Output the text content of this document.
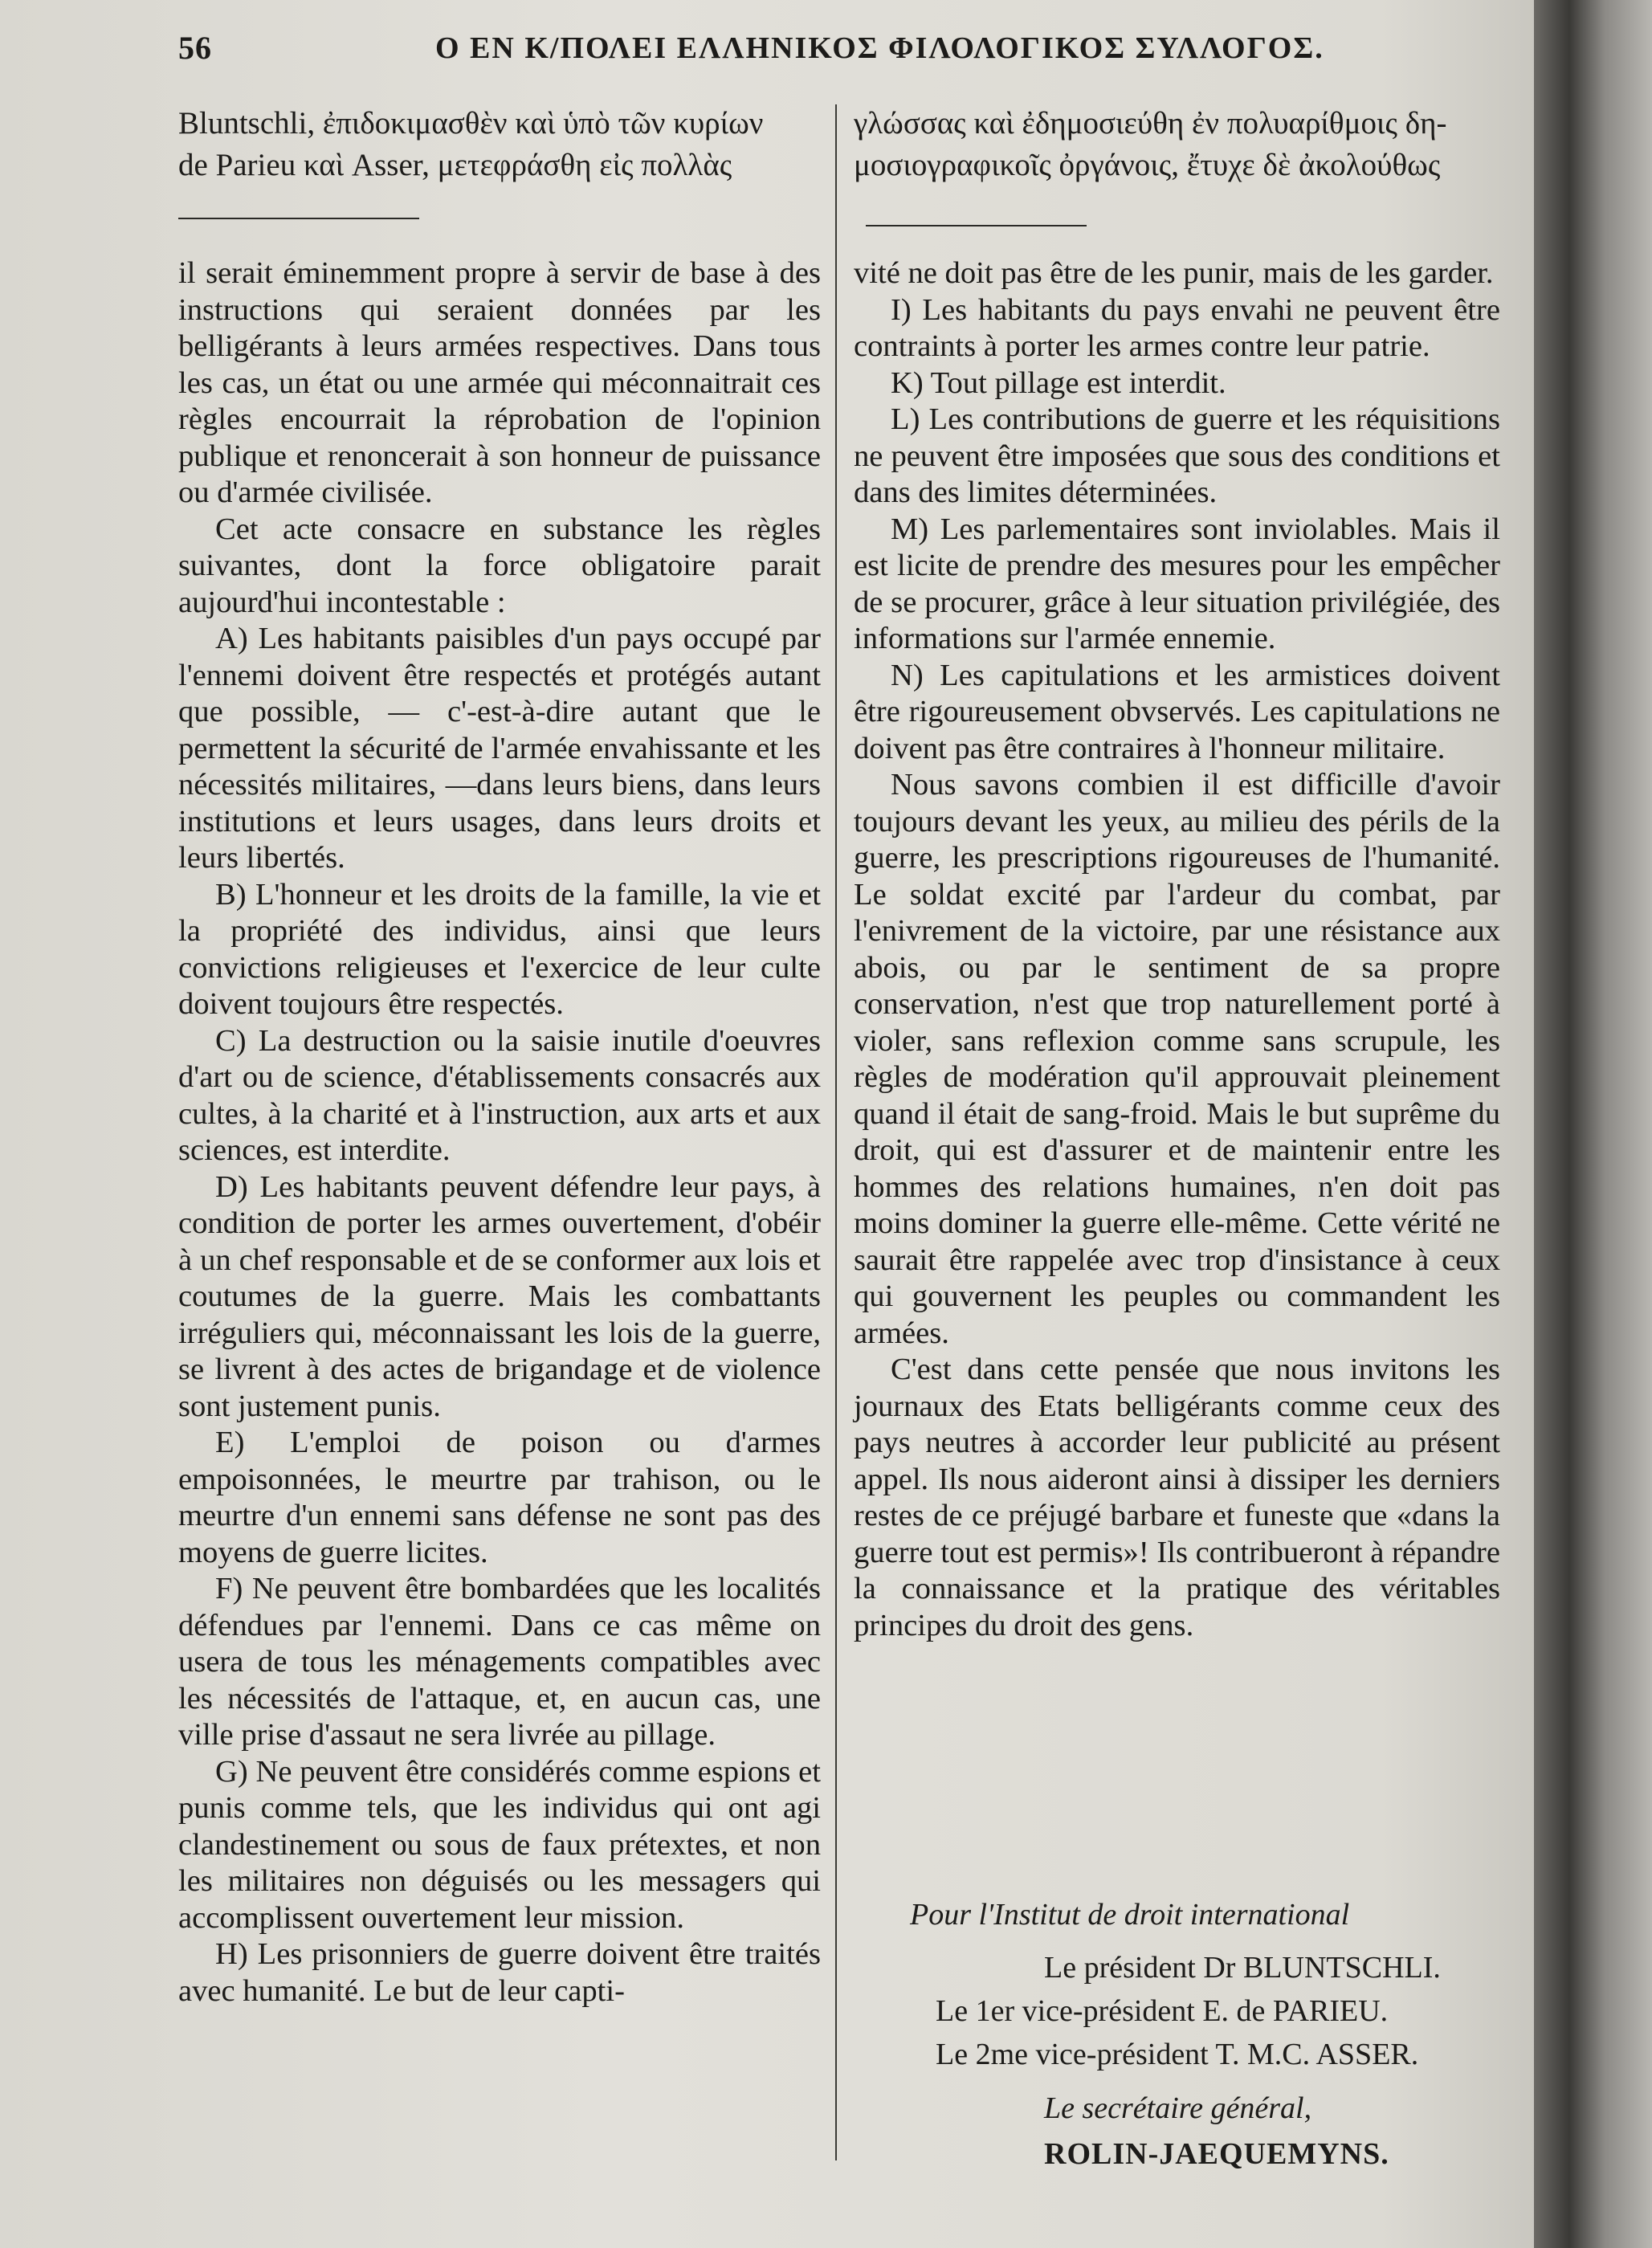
56	Ο ΕΝ Κ/ΠΟΛΕΙ ΕΛΛΗΝΙΚΟΣ ΦΙΛΟΛΟΓΙΚΟΣ ΣΥΛΛΟΓΟΣ.
Bluntschli, ἐπιδοκιμασθὲν καὶ ὑπὸ τῶν κυρίων
de Parieu καὶ Asser, μετεφράσθη εἰς πολλὰς
γλώσσας καὶ ἐδημοσιεύθη ἐν πολυαρίθμοις δη-
μοσιογραφικοῖς ὀργάνοις, ἔτυχε δὲ ἀκολούθως

il serait éminemment propre à servir de base à des instructions qui seraient données par les belligérants à leurs armées respectives. Dans tous les cas, un état ou une armée qui méconnaitrait ces règles encourrait la réprobation de l'opinion publique et renoncerait à son honneur de puissance ou d'armée civilisée.

Cet acte consacre en substance les règles suivantes, dont la force obligatoire parait aujourd'hui incontestable :

A) Les habitants paisibles d'un pays occupé par l'ennemi doivent être respectés et protégés autant que possible, — c'-est-à-dire autant que le permettent la sécurité de l'armée envahissante et les nécessités militaires, —dans leurs biens, dans leurs institutions et leurs usages, dans leurs droits et leurs libertés.

B) L'honneur et les droits de la famille, la vie et la propriété des individus, ainsi que leurs convictions religieuses et l'exercice de leur culte doivent toujours être respectés.

C) La destruction ou la saisie inutile d'oeuvres d'art ou de science, d'établissements consacrés aux cultes, à la charité et à l'instruction, aux arts et aux sciences, est interdite.

D) Les habitants peuvent défendre leur pays, à condition de porter les armes ouvertement, d'obéir à un chef responsable et de se conformer aux lois et coutumes de la guerre. Mais les combattants irréguliers qui, méconnaissant les lois de la guerre, se livrent à des actes de brigandage et de violence sont justement punis.

E) L'emploi de poison ou d'armes empoisonnées, le meurtre par trahison, ou le meurtre d'un ennemi sans défense ne sont pas des moyens de guerre licites.

F) Ne peuvent être bombardées que les localités défendues par l'ennemi. Dans ce cas même on usera de tous les ménagements compatibles avec les nécessités de l'attaque, et, en aucun cas, une ville prise d'assaut ne sera livrée au pillage.

G) Ne peuvent être considérés comme espions et punis comme tels, que les individus qui ont agi clandestinement ou sous de faux prétextes, et non les militaires non déguisés ou les messagers qui accomplissent ouvertement leur mission.

H) Les prisonniers de guerre doivent être traités avec humanité. Le but de leur capti-

vité ne doit pas être de les punir, mais de les garder.

I) Les habitants du pays envahi ne peuvent être contraints à porter les armes contre leur patrie.

K) Tout pillage est interdit.

L) Les contributions de guerre et les réquisitions ne peuvent être imposées que sous des conditions et dans des limites déterminées.

M) Les parlementaires sont inviolables. Mais il est licite de prendre des mesures pour les empêcher de se procurer, grâce à leur situation privilégiée, des informations sur l'armée ennemie.

N) Les capitulations et les armistices doivent être rigoureusement obvservés. Les capitulations ne doivent pas être contraires à l'honneur militaire.

Nous savons combien il est difficille d'avoir toujours devant les yeux, au milieu des périls de la guerre, les prescriptions rigoureuses de l'humanité. Le soldat excité par l'ardeur du combat, par l'enivrement de la victoire, par une résistance aux abois, ou par le sentiment de sa propre conservation, n'est que trop naturellement porté à violer, sans reflexion comme sans scrupule, les règles de modération qu'il approuvait pleinement quand il était de sang-froid. Mais le but suprême du droit, qui est d'assurer et de maintenir entre les hommes des relations humaines, n'en doit pas moins dominer la guerre elle-même. Cette vérité ne saurait être rappelée avec trop d'insistance à ceux qui gouvernent les peuples ou commandent les armées.

C'est dans cette pensée que nous invitons les journaux des Etats belligérants comme ceux des pays neutres à accorder leur publicité au présent appel. Ils nous aideront ainsi à dissiper les derniers restes de ce préjugé barbare et funeste que «dans la guerre tout est permis»! Ils contribueront à répandre la connaissance et la pratique des véritables principes du droit des gens.

Pour l'Institut de droit international
Le président Dr BLUNTSCHLI.
Le 1er vice-président E. de PARIEU.
Le 2me vice-président T. M.C. ASSER.
Le secrétaire général,
ROLIN-JAEQUEMYNS.
